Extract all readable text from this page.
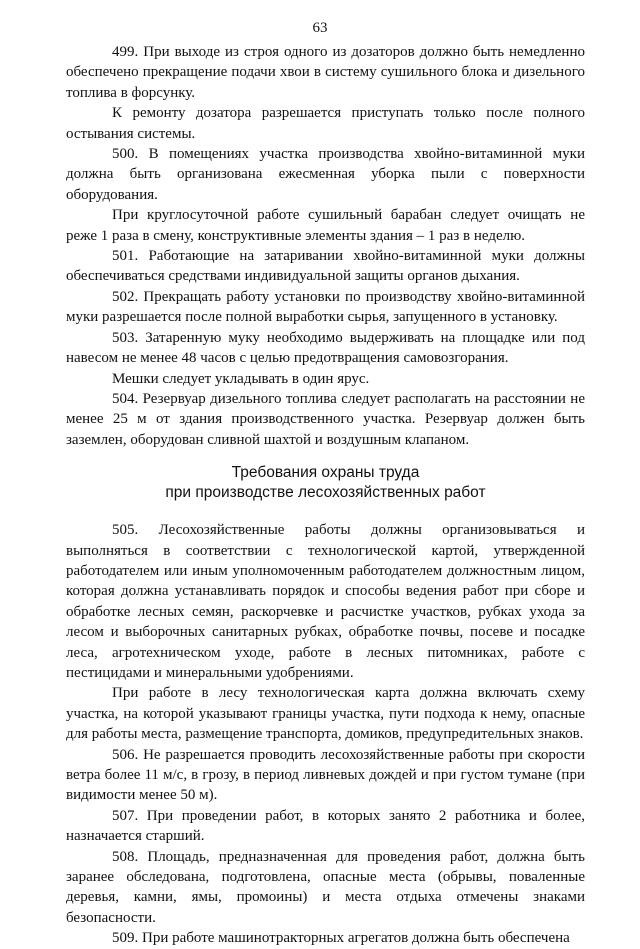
63

499. При выходе из строя одного из дозаторов должно быть немедленно обеспечено прекращение подачи хвои в систему сушильного блока и дизельного топлива в форсунку.

К ремонту дозатора разрешается приступать только после полного остывания системы.

500. В помещениях участка производства хвойно-витаминной муки должна быть организована ежесменная уборка пыли с поверхности оборудования.

При круглосуточной работе сушильный барабан следует очищать не реже 1 раза в смену, конструктивные элементы здания – 1 раз в неделю.

501. Работающие на затаривании хвойно-витаминной муки должны обеспечиваться средствами индивидуальной защиты органов дыхания.

502. Прекращать работу установки по производству хвойно-витаминной муки разрешается после полной выработки сырья, запущенного в установку.

503. Затаренную муку необходимо выдерживать на площадке или под навесом не менее 48 часов с целью предотвращения самовозгорания.

Мешки следует укладывать в один ярус.

504. Резервуар дизельного топлива следует располагать на расстоянии не менее 25 м от здания производственного участка. Резервуар должен быть заземлен, оборудован сливной шахтой и воздушным клапаном.

Требования охраны труда
при производстве лесохозяйственных работ

505. Лесохозяйственные работы должны организовываться и выполняться в соответствии с технологической картой, утвержденной работодателем или иным уполномоченным работодателем должностным лицом, которая должна устанавливать порядок и способы ведения работ при сборе и обработке лесных семян, раскорчевке и расчистке участков, рубках ухода за лесом и выборочных санитарных рубках, обработке почвы, посеве и посадке леса, агротехническом уходе, работе в лесных питомниках, работе с пестицидами и минеральными удобрениями.

При работе в лесу технологическая карта должна включать схему участка, на которой указывают границы участка, пути подхода к нему, опасные для работы места, размещение транспорта, домиков, предупредительных знаков.

506. Не разрешается проводить лесохозяйственные работы при скорости ветра более 11 м/с, в грозу, в период ливневых дождей и при густом тумане (при видимости менее 50 м).

507. При проведении работ, в которых занято 2 работника и более, назначается старший.

508. Площадь, предназначенная для проведения работ, должна быть заранее обследована, подготовлена, опасные места (обрывы, поваленные деревья, камни, ямы, промоины) и места отдыха отмечены знаками безопасности.

509. При работе машинотракторных агрегатов должна быть обеспечена
